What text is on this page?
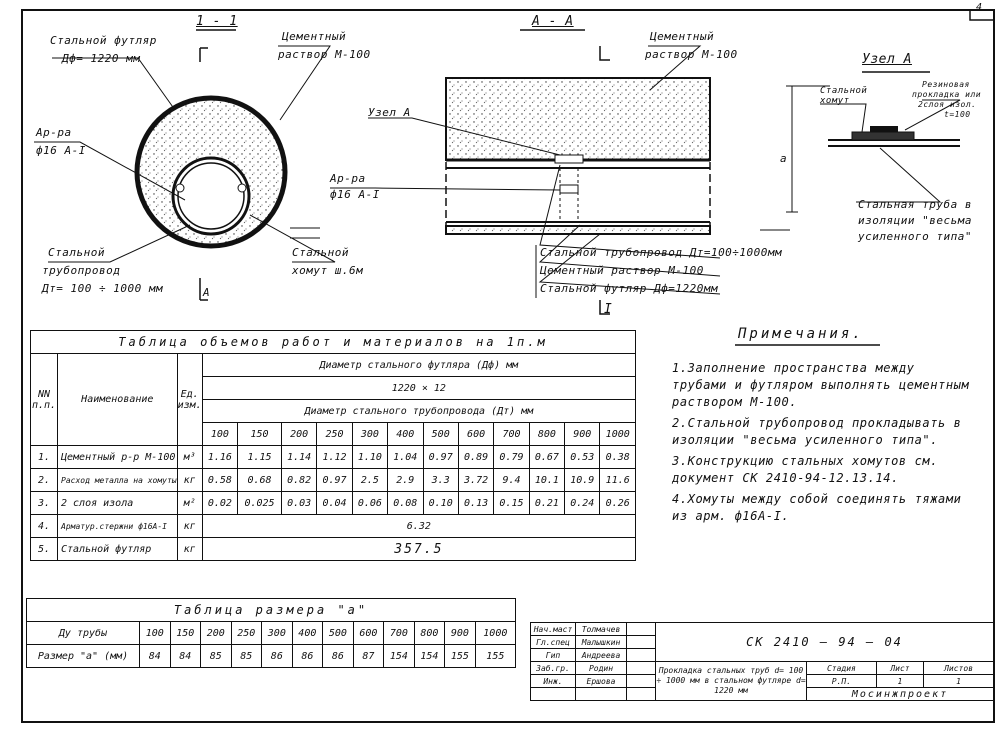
1 - 1
Стальной футляр
Дф= 1220 мм
Цементный
раствор М-100
Ар-ра
ф16 А-I
Стальной
трубопровод
Дт= 100 ÷ 1000 мм
Стальной
хомут ш.6м
А
А - А
Цементный
раствор М-100
Узел А
Ар-ра
ф16 А-I
Стальной трубопровод Дт=100÷1000мм
Цементный раствор М-100
Стальной футляр Дф=1220мм
I
Узел А
Стальной
хомут
Резиновая
прокладка или
2слоя изол.
t=100
а
Стальная труба в
изоляции "весьма
усиленного типа"
Таблица объемов работ и материалов на 1п.м														
NN п.п.	Наименование	Ед. изм.	Диаметр стального футляра (Дф) мм											
			1220 × 12											
			Диаметр стального трубопровода (Дт) мм											
			100	150	200	250	300	400	500	600	700	800	900	1000
1.	Цементный р-р М-100	м³	1.16	1.15	1.14	1.12	1.10	1.04	0.97	0.89	0.79	0.67	0.53	0.38
2.	Расход металла на хомуты	кг	0.58	0.68	0.82	0.97	2.5	2.9	3.3	3.72	9.4	10.1	10.9	11.6
3.	2 слоя изола	м²	0.02	0.025	0.03	0.04	0.06	0.08	0.10	0.13	0.15	0.21	0.24	0.26
4.	Арматур.стержни ф16А-I	кг	6.32											
5.	Стальной футляр	кг	357.5											
Таблица размера "а"												
Ду трубы	100	150	200	250	300	400	500	600	700	800	900	1000
Размер "а" (мм)	84	84	85	85	86	86	86	87	154	154	155	155
Примечания.

1.Заполнение пространства между трубами и футляром выполнять цементным раствором М-100.

2.Стальной трубопровод прокладывать в изоляции "весьма усиленного типа".

3.Конструкцию стальных хомутов см. документ СК 2410-94-12.13.14.

4.Хомуты между собой соединять тяжами из арм. ф16А-I.

Нач.маст	Толмачев		СК 2410 — 94 — 04			
Гл.спец	Малышкин					
Гип	Андреева					
Заб.гр.	Родин		Прокладка стальных труб d= 100 ÷ 1000 мм в стальном футляре d= 1220 мм	Стадия	Лист	Листов
Инж.	Ершова			Р.П.	1	1
				Мосинжпроект		
4
